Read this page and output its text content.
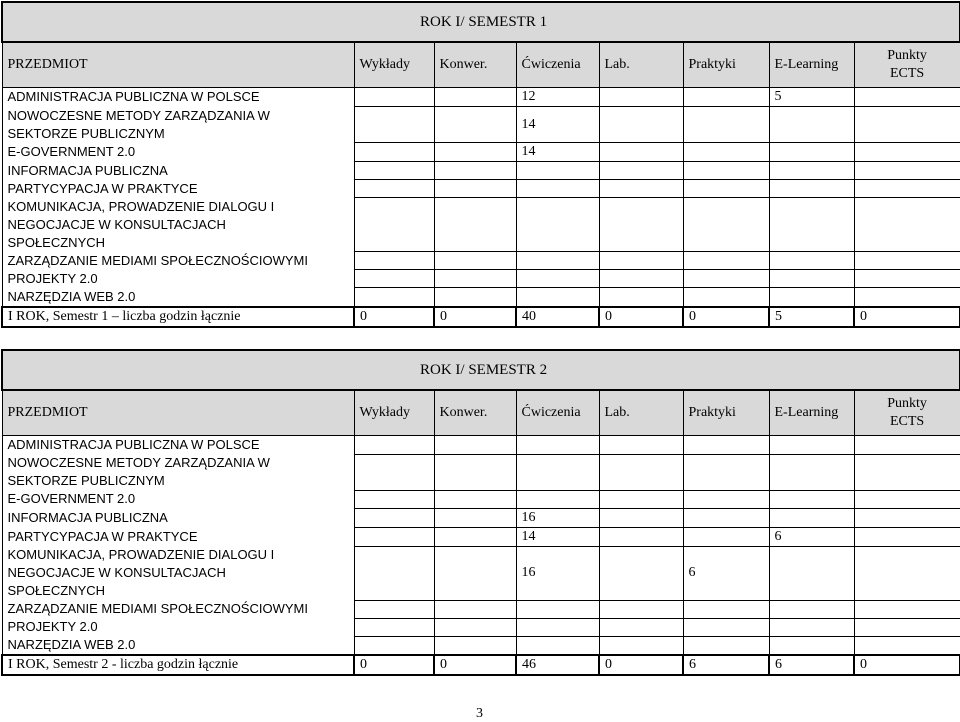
ROK I/ SEMESTR 1							
PRZEDMIOT	Wykłady	Konwer.	Ćwiczenia	Lab.	Praktyki	E-Learning	Punkty
ECTS

ADMINISTRACJA PUBLICZNA W POLSCE			12			5	

NOWOCZESNE METODY ZARZĄDZANIA W
SEKTORZE PUBLICZNYM			14				
E-GOVERNMENT 2.0			14				
INFORMACJA PUBLICZNA							
PARTYCYPACJA W PRAKTYCE							

KOMUNIKACJA, PROWADZENIE DIALOGU I
NEGOCJACJE W KONSULTACJACH
SPOŁECZNYCH							

ZARZĄDZANIE MEDIAMI SPOŁECZNOŚCIOWYMI							
PROJEKTY 2.0							
NARZĘDZIA WEB 2.0							
I ROK, Semestr 1 – liczba godzin łącznie	0	0	40	0	0	5	0
ROK I/ SEMESTR 2							
PRZEDMIOT	Wykłady	Konwer.	Ćwiczenia	Lab.	Praktyki	E-Learning	Punkty
ECTS

ADMINISTRACJA PUBLICZNA W POLSCE							

NOWOCZESNE METODY ZARZĄDZANIA W
SEKTORZE PUBLICZNYM							

E-GOVERNMENT 2.0							
INFORMACJA PUBLICZNA			16				
PARTYCYPACJA W PRAKTYCE			14			6	

KOMUNIKACJA, PROWADZENIE DIALOGU I
NEGOCJACJE W KONSULTACJACH
SPOŁECZNYCH			16		6		
ZARZĄDZANIE MEDIAMI SPOŁECZNOŚCIOWYMI							
PROJEKTY 2.0							
NARZĘDZIA WEB 2.0							
I ROK, Semestr 2 - liczba godzin łącznie	0	0	46	0	6	6	0
3
